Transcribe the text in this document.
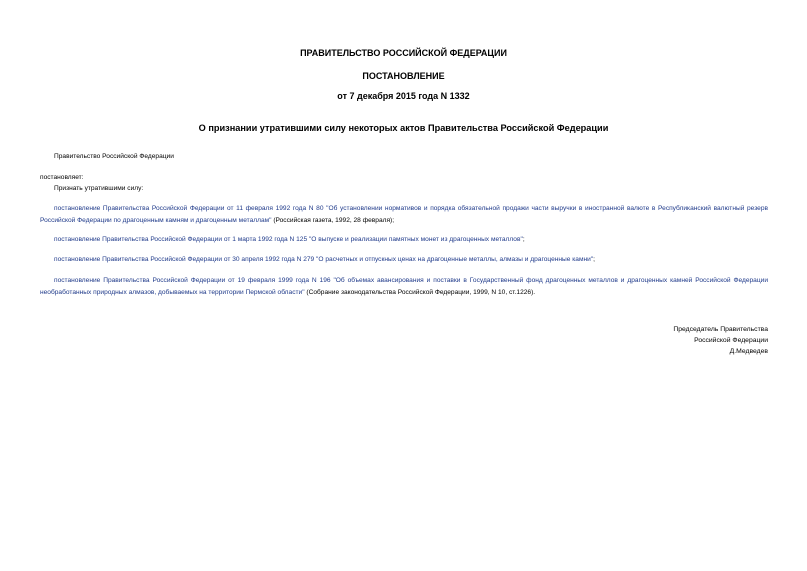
ПРАВИТЕЛЬСТВО РОССИЙСКОЙ ФЕДЕРАЦИИ
ПОСТАНОВЛЕНИЕ
от 7 декабря 2015 года N 1332
О признании утратившими силу некоторых актов Правительства Российской Федерации
Правительство Российской Федерации
постановляет:
Признать утратившими силу:
постановление Правительства Российской Федерации от 11 февраля 1992 года N 80 "Об установлении нормативов и порядка обязательной продажи части выручки в иностранной валюте в Республиканский валютный резерв Российской Федерации по драгоценным камням и драгоценным металлам" (Российская газета, 1992, 28 февраля);
постановление Правительства Российской Федерации от 1 марта 1992 года N 125 "О выпуске и реализации памятных монет из драгоценных металлов";
постановление Правительства Российской Федерации от 30 апреля 1992 года N 279 "О расчетных и отпускных ценах на драгоценные металлы, алмазы и драгоценные камни";
постановление Правительства Российской Федерации от 19 февраля 1999 года N 196 "Об объемах авансирования и поставки в Государственный фонд драгоценных металлов и драгоценных камней Российской Федерации необработанных природных алмазов, добываемых на территории Пермской области" (Собрание законодательства Российской Федерации, 1999, N 10, ст.1226).
Председатель Правительства
Российской Федерации
Д.Медведев
